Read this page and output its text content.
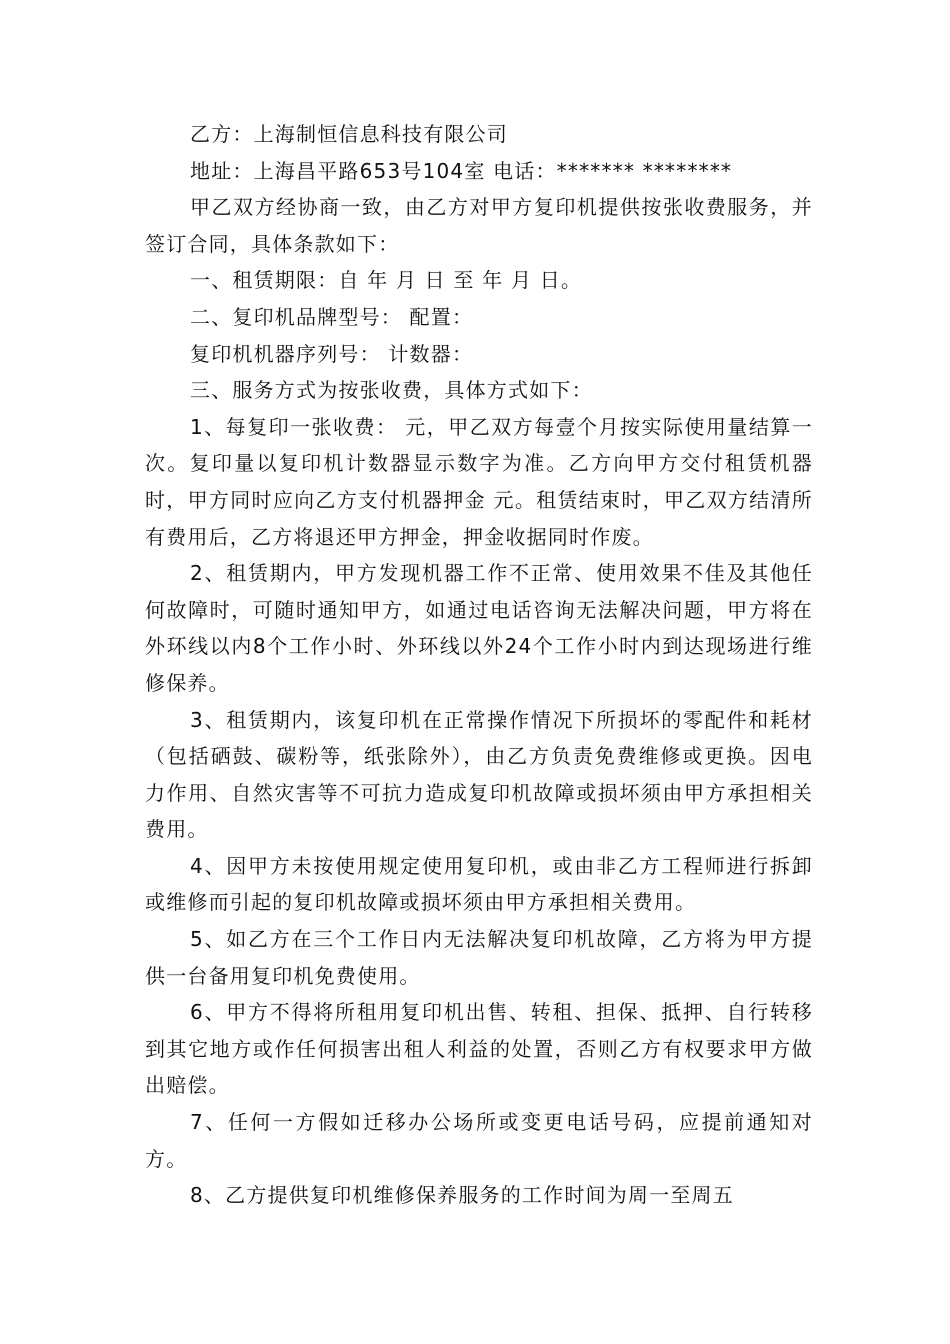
乙方：上海制恒信息科技有限公司

地址：上海昌平路653号104室 电话：******* ********

甲乙双方经协商一致，由乙方对甲方复印机提供按张收费服务，并签订合同，具体条款如下：

一、租赁期限：自 年 月 日 至 年 月 日。

二、复印机品牌型号： 配置：

复印机机器序列号： 计数器：

三、服务方式为按张收费，具体方式如下：

1、每复印一张收费： 元，甲乙双方每壹个月按实际使用量结算一次。复印量以复印机计数器显示数字为准。乙方向甲方交付租赁机器时，甲方同时应向乙方支付机器押金 元。租赁结束时，甲乙双方结清所有费用后，乙方将退还甲方押金，押金收据同时作废。

2、租赁期内，甲方发现机器工作不正常、使用效果不佳及其他任何故障时，可随时通知甲方，如通过电话咨询无法解决问题，甲方将在外环线以内8个工作小时、外环线以外24个工作小时内到达现场进行维修保养。

3、租赁期内，该复印机在正常操作情况下所损坏的零配件和耗材（包括硒鼓、碳粉等，纸张除外），由乙方负责免费维修或更换。因电力作用、自然灾害等不可抗力造成复印机故障或损坏须由甲方承担相关费用。

4、因甲方未按使用规定使用复印机，或由非乙方工程师进行拆卸或维修而引起的复印机故障或损坏须由甲方承担相关费用。

5、如乙方在三个工作日内无法解决复印机故障，乙方将为甲方提供一台备用复印机免费使用。

6、甲方不得将所租用复印机出售、转租、担保、抵押、自行转移到其它地方或作任何损害出租人利益的处置，否则乙方有权要求甲方做出赔偿。

7、任何一方假如迁移办公场所或变更电话号码，应提前通知对方。

8、乙方提供复印机维修保养服务的工作时间为周一至周五
